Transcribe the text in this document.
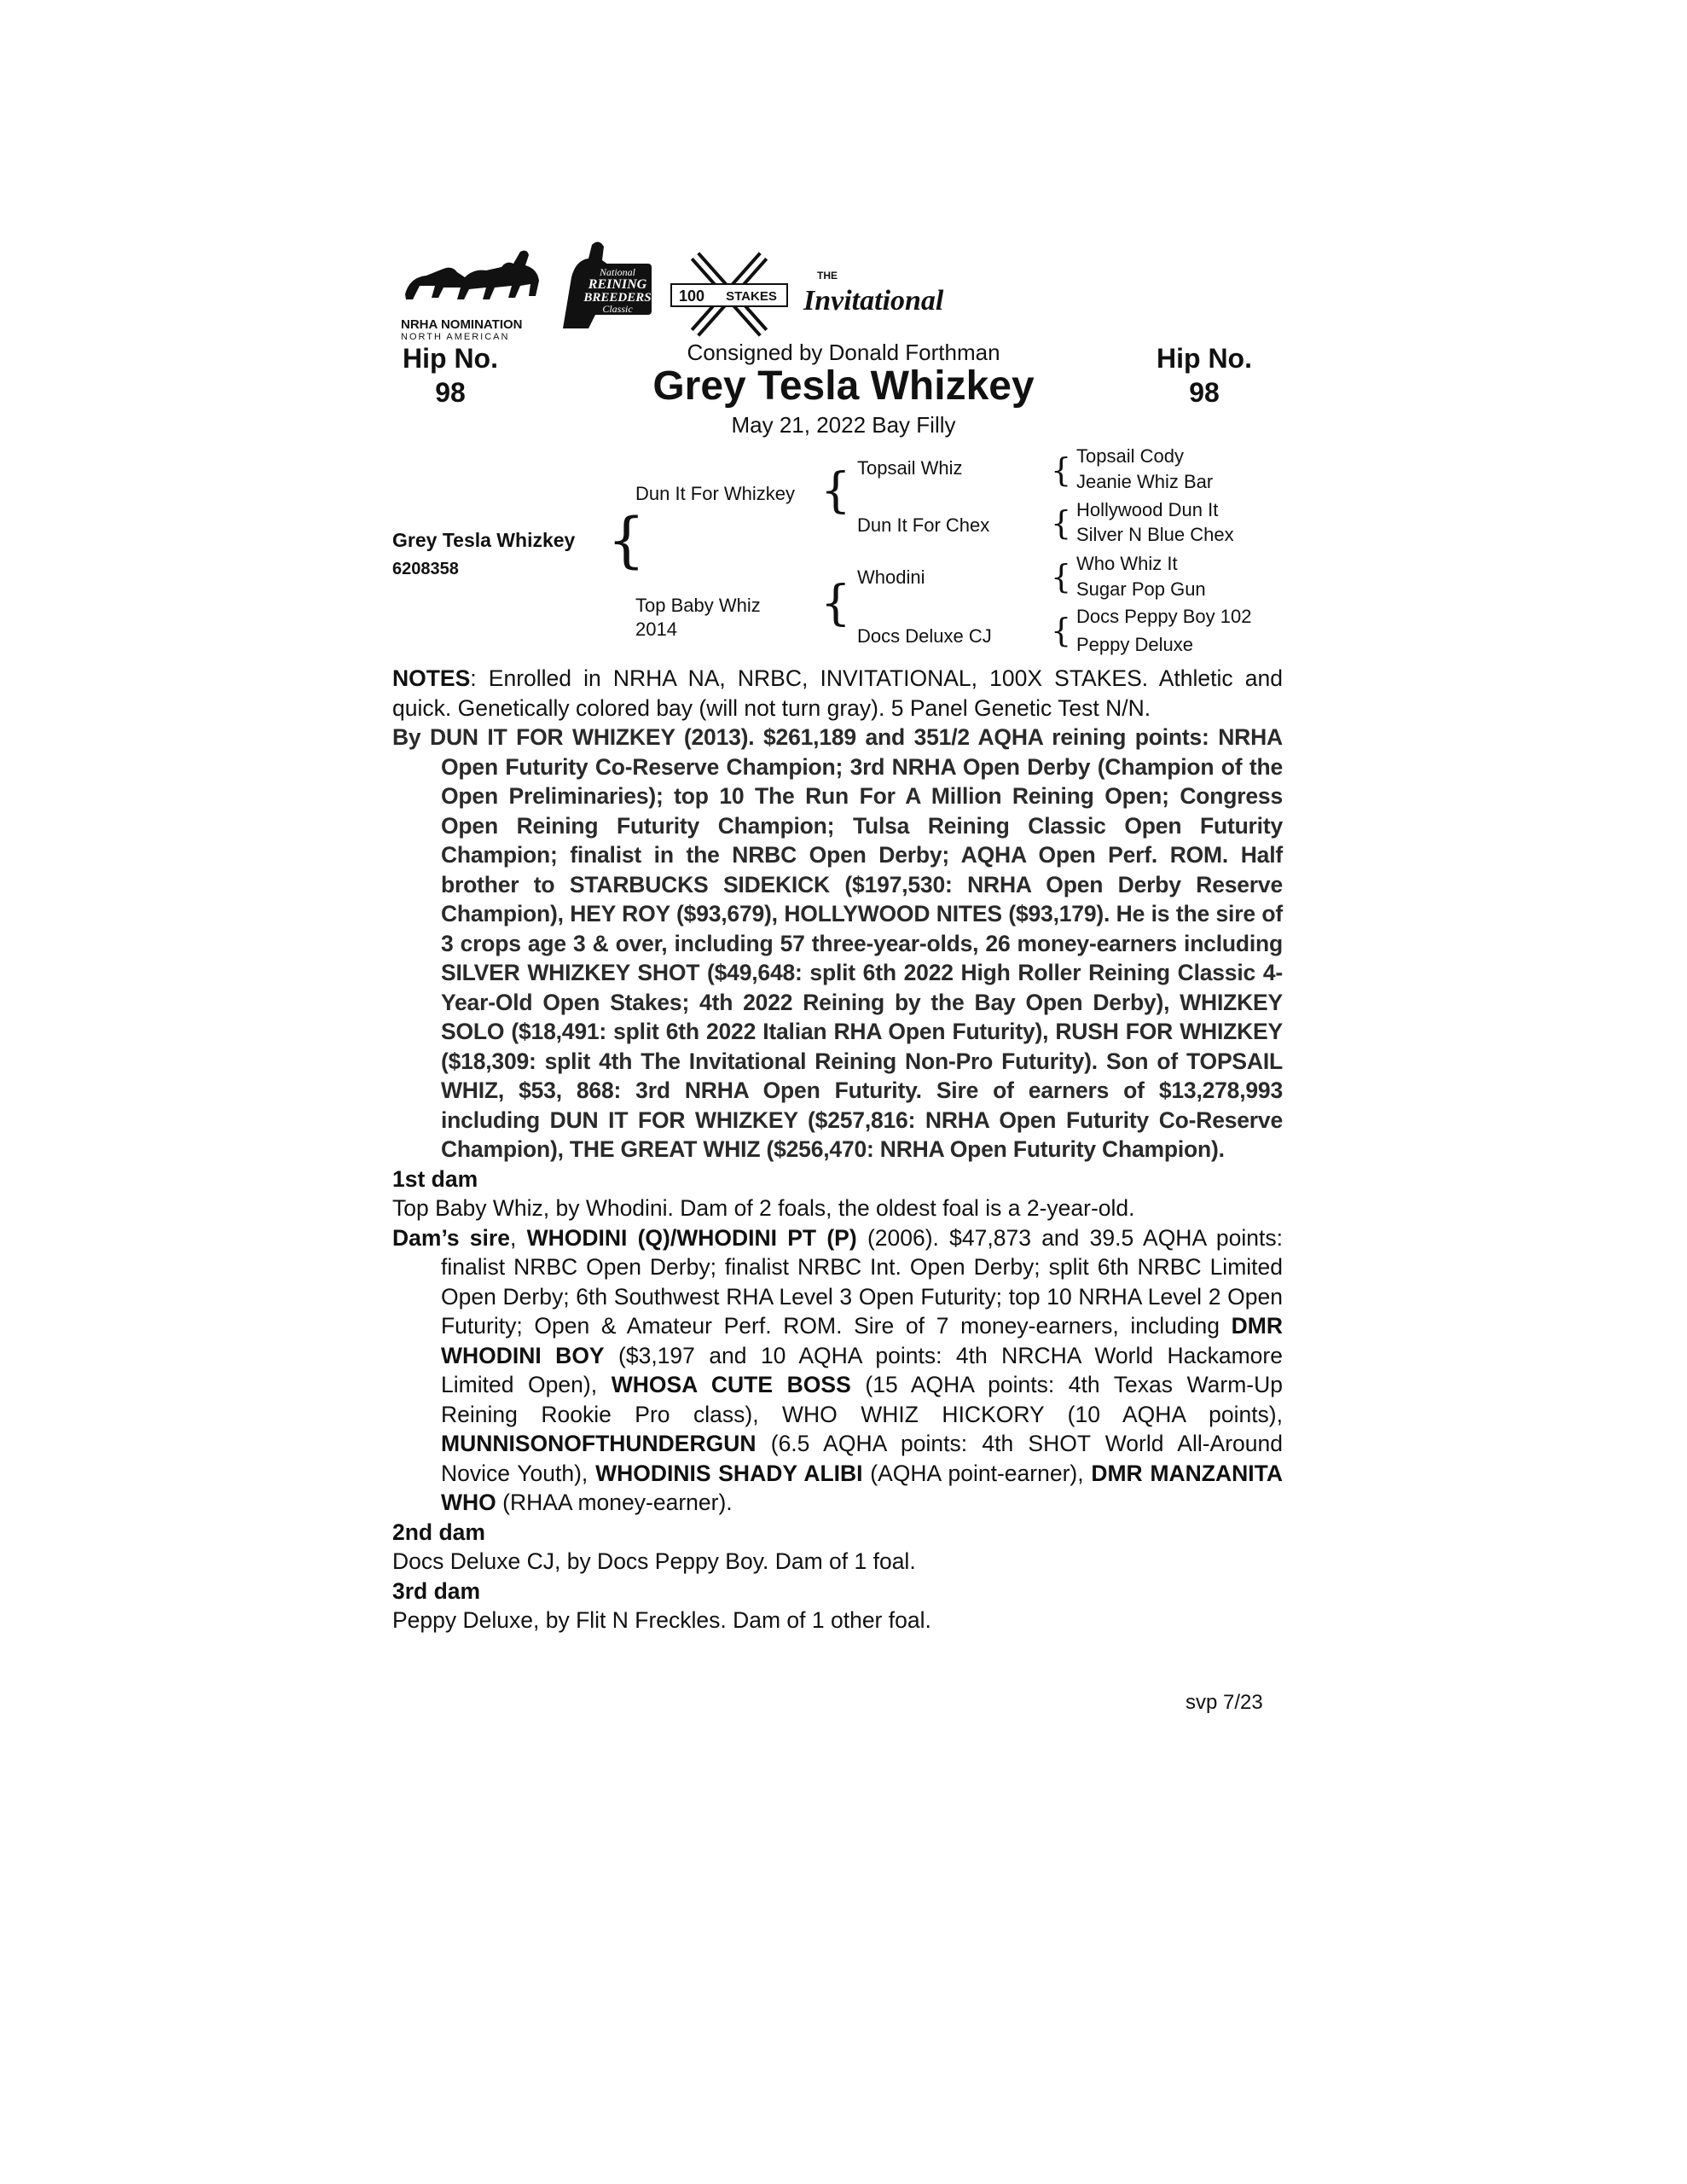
NRHA NOMINATION
NORTH AMERICAN
National
REINING
BREEDERS
Classic
100 STAKES
THE
Invitational
Hip No.
98
Hip No.
98
Consigned by Donald Forthman
Grey Tesla Whizkey
May 21, 2022 Bay Filly
Grey Tesla Whizkey
6208358 {
Dun It For Whizkey
Top Baby Whiz
2014
{
{
Topsail Whiz
Dun It For Chex
Whodini
Docs Deluxe CJ
{
{
{
{
Topsail Cody
Jeanie Whiz Bar
Hollywood Dun It
Silver N Blue Chex
Who Whiz It
Sugar Pop Gun
Docs Peppy Boy 102
Peppy Deluxe

NOTES: Enrolled in NRHA NA, NRBC, INVITATIONAL, 100X STAKES. Athletic and quick. Genetically colored bay (will not turn gray). 5 Panel Genetic Test N/N.

By DUN IT FOR WHIZKEY (2013). $261,189 and 351/2 AQHA reining points: NRHA Open Futurity Co-Reserve Champion; 3rd NRHA Open Derby (Champion of the Open Preliminaries); top 10 The Run For A Million Reining Open; Congress Open Reining Futurity Champion; Tulsa Reining Classic Open Futurity Champion; finalist in the NRBC Open Derby; AQHA Open Perf. ROM. Half brother to STARBUCKS SIDEKICK ($197,530: NRHA Open Derby Reserve Champion), HEY ROY ($93,679), HOLLYWOOD NITES ($93,179). He is the sire of 3 crops age 3 & over, including 57 three-year-olds, 26 money-earners including SILVER WHIZKEY SHOT ($49,648: split 6th 2022 High Roller Reining Classic 4-Year-Old Open Stakes; 4th 2022 Reining by the Bay Open Derby), WHIZKEY SOLO ($18,491: split 6th 2022 Italian RHA Open Futurity), RUSH FOR WHIZKEY ($18,309: split 4th The Invitational Reining Non-Pro Futurity). Son of TOPSAIL WHIZ, $53, 868: 3rd NRHA Open Futurity. Sire of earners of $13,278,993 including DUN IT FOR WHIZKEY ($257,816: NRHA Open Futurity Co-Reserve Champion), THE GREAT WHIZ ($256,470: NRHA Open Futurity Champion).

1st dam

Top Baby Whiz, by Whodini. Dam of 2 foals, the oldest foal is a 2-year-old.

Dam’s sire, WHODINI (Q)/WHODINI PT (P) (2006). $47,873 and 39.5 AQHA points: finalist NRBC Open Derby; finalist NRBC Int. Open Derby; split 6th NRBC Limited Open Derby; 6th Southwest RHA Level 3 Open Futurity; top 10 NRHA Level 2 Open Futurity; Open & Amateur Perf. ROM. Sire of 7 money-earners, including DMR WHODINI BOY ($3,197 and 10 AQHA points: 4th NRCHA World Hackamore Limited Open), WHOSA CUTE BOSS (15 AQHA points: 4th Texas Warm-Up Reining Rookie Pro class), WHO WHIZ HICKORY (10 AQHA points), MUNNISONOFTHUNDERGUN (6.5 AQHA points: 4th SHOT World All-Around Novice Youth), WHODINIS SHADY ALIBI (AQHA point-earner), DMR MANZANITA WHO (RHAA money-earner).

2nd dam

Docs Deluxe CJ, by Docs Peppy Boy. Dam of 1 foal.

3rd dam

Peppy Deluxe, by Flit N Freckles. Dam of 1 other foal.

svp 7/23
